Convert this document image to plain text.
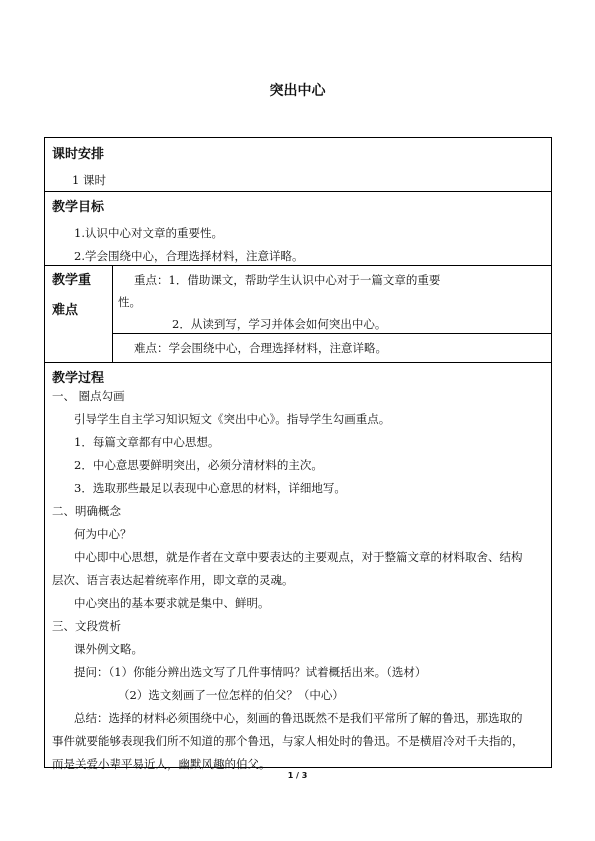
突出中心
课时安排
1 课时
教学目标
1.认识中心对文章的重要性。
2.学会围绕中心，合理选择材料，注意详略。
教学重
难点
重点：1．借助课文，帮助学生认识中心对于一篇文章的重要
性。
2．从读到写，学习并体会如何突出中心。
难点：学会围绕中心，合理选择材料，注意详略。
教学过程
一、 圈点勾画
引导学生自主学习知识短文《突出中心》。指导学生勾画重点。
1．每篇文章都有中心思想。
2．中心意思要鲜明突出，必须分清材料的主次。
3．选取那些最足以表现中心意思的材料，详细地写。
二、明确概念
何为中心？
中心即中心思想，就是作者在文章中要表达的主要观点，对于整篇文章的材料取舍、结构
层次、语言表达起着统率作用，即文章的灵魂。
中心突出的基本要求就是集中、鲜明。
三、文段赏析
课外例文略。
提问：（1）你能分辨出选文写了几件事情吗？试着概括出来。（选材）
（2）选文刻画了一位怎样的伯父？（中心）
总结：选择的材料必须围绕中心，刻画的鲁迅既然不是我们平常所了解的鲁迅，那选取的
事件就要能够表现我们所不知道的那个鲁迅，与家人相处时的鲁迅。不是横眉冷对千夫指的，
而是关爱小辈平易近人，幽默风趣的伯父。
1 / 3
